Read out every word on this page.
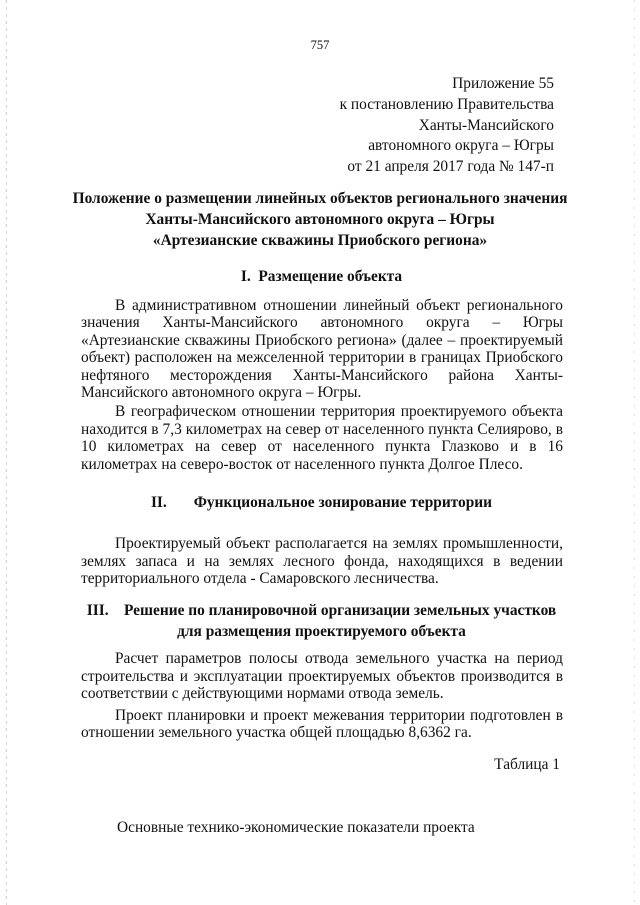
757
Приложение 55
к постановлению Правительства
Ханты-Мансийского
автономного округа – Югры
от 21 апреля 2017 года № 147-п
Положение о размещении линейных объектов регионального значения
Ханты-Мансийского автономного округа – Югры
«Артезианские скважины Приобского региона»
I.  Размещение объекта

В административном отношении линейный объект регионального значения Ханты-Мансийского автономного округа – Югры «Артезианские скважины Приобского региона» (далее – проектируемый объект) расположен на межселенной территории в границах Приобского нефтяного месторождения Ханты-Мансийского района Ханты-Мансийского автономного округа – Югры.

В географическом отношении территория проектируемого объекта находится в 7,3 километрах на север от населенного пункта Селиярово, в 10 километрах на север от населенного пункта Глазково и в 16 километрах на северо-восток от населенного пункта Долгое Плесо.

II.       Функциональное зонирование территории

Проектируемый объект располагается на землях промышленности, землях запаса и на землях лесного фонда, находящихся в ведении территориального отдела - Самаровского лесничества.

III.    Решение по планировочной организации земельных участков
для размещения проектируемого объекта

Расчет параметров полосы отвода земельного участка на период строительства и эксплуатации проектируемых объектов производится в соответствии с действующими нормами отвода земель.

Проект планировки и проект межевания территории подготовлен в отношении земельного участка общей площадью 8,6362 га.

Таблица 1
Основные технико-экономические показатели проекта
